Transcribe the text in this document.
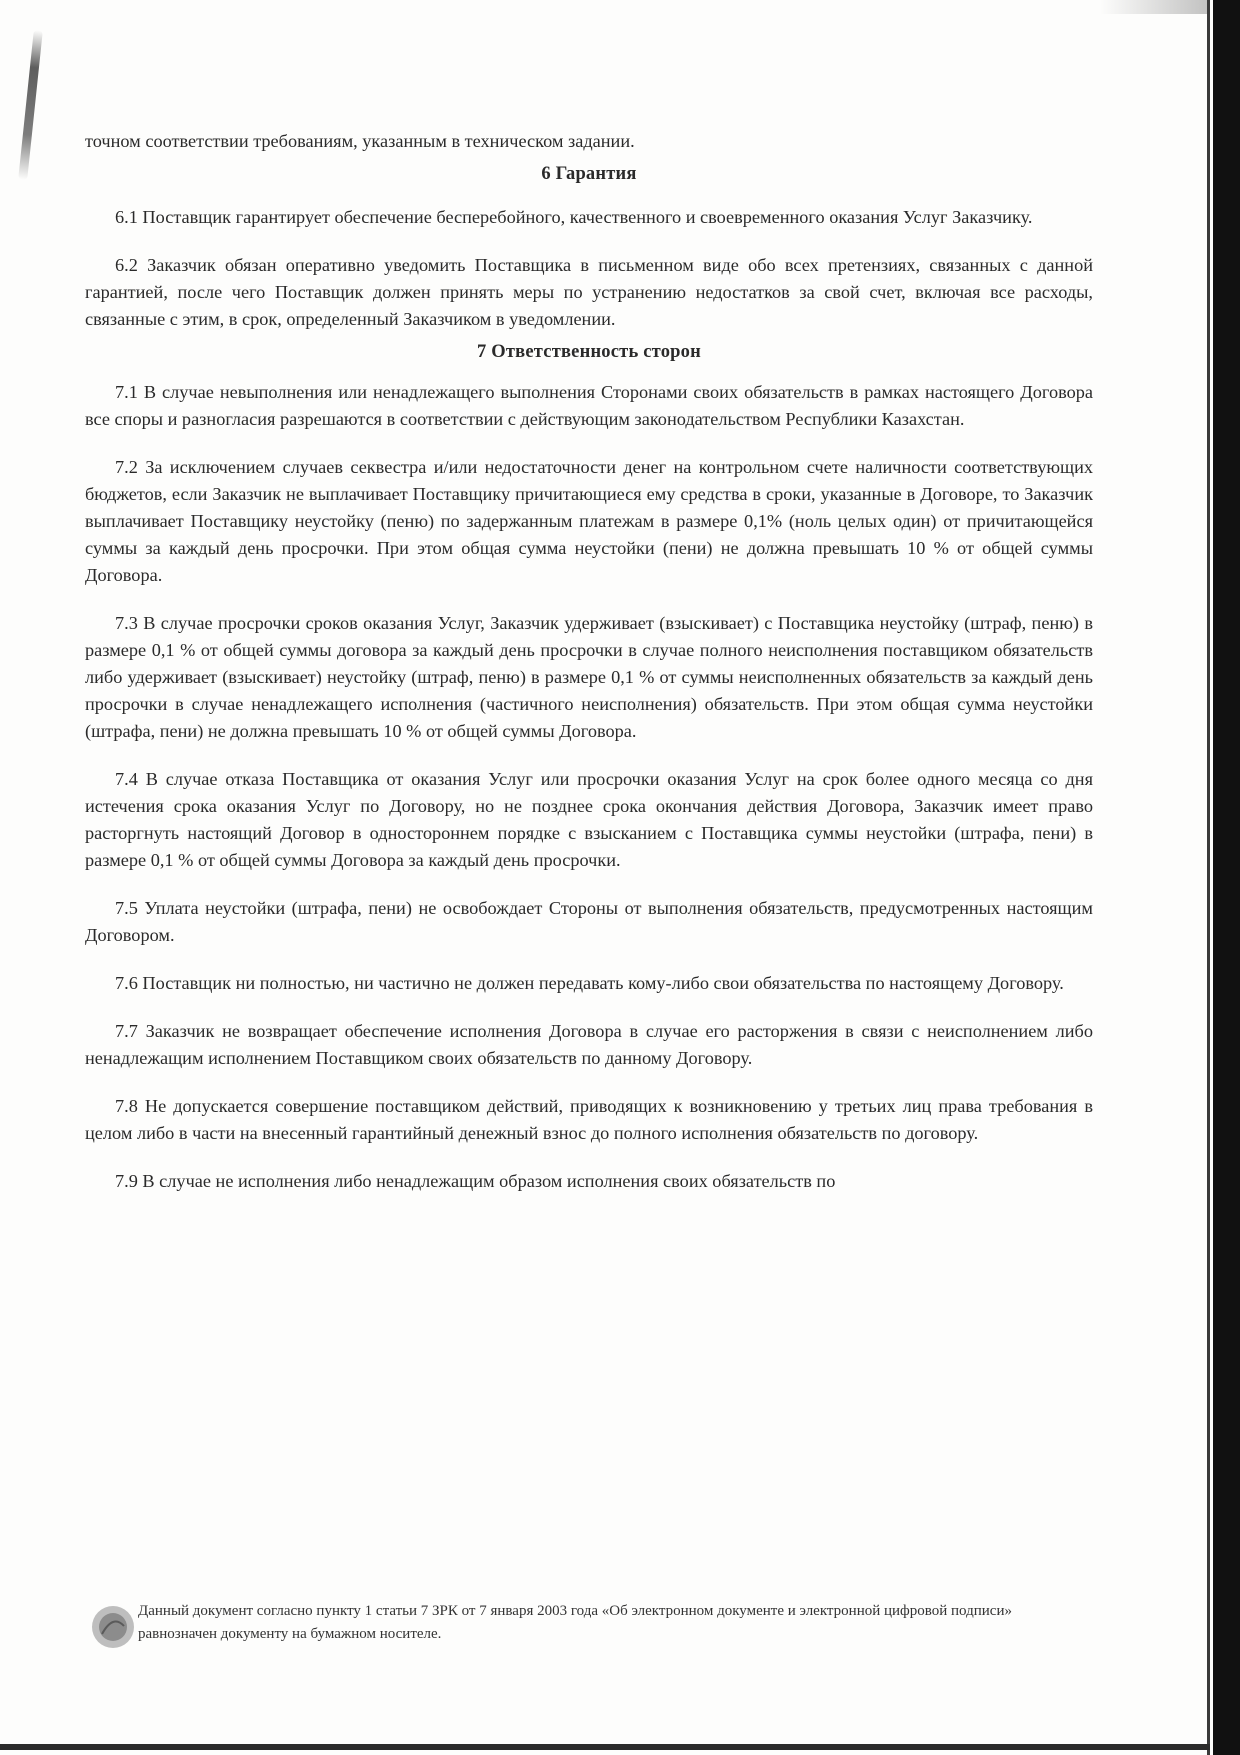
точном соответствии требованиям, указанным в техническом задании.

6 Гарантия

6.1 Поставщик гарантирует обеспечение бесперебойного, качественного и своевременного оказания Услуг Заказчику.

6.2 Заказчик обязан оперативно уведомить Поставщика в письменном виде обо всех претензиях, связанных с данной гарантией, после чего Поставщик должен принять меры по устранению недостатков за свой счет, включая все расходы, связанные с этим, в срок, определенный Заказчиком в уведомлении.

7 Ответственность сторон

7.1 В случае невыполнения или ненадлежащего выполнения Сторонами своих обязательств в рамках настоящего Договора все споры и разногласия разрешаются в соответствии с действующим законодательством Республики Казахстан.

7.2 За исключением случаев секвестра и/или недостаточности денег на контрольном счете наличности соответствующих бюджетов, если Заказчик не выплачивает Поставщику причитающиеся ему средства в сроки, указанные в Договоре, то Заказчик выплачивает Поставщику неустойку (пеню) по задержанным платежам в размере 0,1% (ноль целых один) от причитающейся суммы за каждый день просрочки. При этом общая сумма неустойки (пени) не должна превышать 10 % от общей суммы Договора.

7.3 В случае просрочки сроков оказания Услуг, Заказчик удерживает (взыскивает) с Поставщика неустойку (штраф, пеню) в размере 0,1 % от общей суммы договора за каждый день просрочки в случае полного неисполнения поставщиком обязательств либо удерживает (взыскивает) неустойку (штраф, пеню) в размере 0,1 % от суммы неисполненных обязательств за каждый день просрочки в случае ненадлежащего исполнения (частичного неисполнения) обязательств. При этом общая сумма неустойки (штрафа, пени) не должна превышать 10 % от общей суммы Договора.

7.4 В случае отказа Поставщика от оказания Услуг или просрочки оказания Услуг на срок более одного месяца со дня истечения срока оказания Услуг по Договору, но не позднее срока окончания действия Договора, Заказчик имеет право расторгнуть настоящий Договор в одностороннем порядке с взысканием с Поставщика суммы неустойки (штрафа, пени) в размере 0,1 % от общей суммы Договора за каждый день просрочки.

7.5 Уплата неустойки (штрафа, пени) не освобождает Стороны от выполнения обязательств, предусмотренных настоящим Договором.

7.6 Поставщик ни полностью, ни частично не должен передавать кому-либо свои обязательства по настоящему Договору.

7.7 Заказчик не возвращает обеспечение исполнения Договора в случае его расторжения в связи с неисполнением либо ненадлежащим исполнением Поставщиком своих обязательств по данному Договору.

7.8 Не допускается совершение поставщиком действий, приводящих к возникновению у третьих лиц права требования в целом либо в части на внесенный гарантийный денежный взнос до полного исполнения обязательств по договору.

7.9 В случае не исполнения либо ненадлежащим образом исполнения своих обязательств по

Данный документ согласно пункту 1 статьи 7 ЗРК от 7 января 2003 года «Об электронном документе и электронной цифровой подписи» равнозначен документу на бумажном носителе.
